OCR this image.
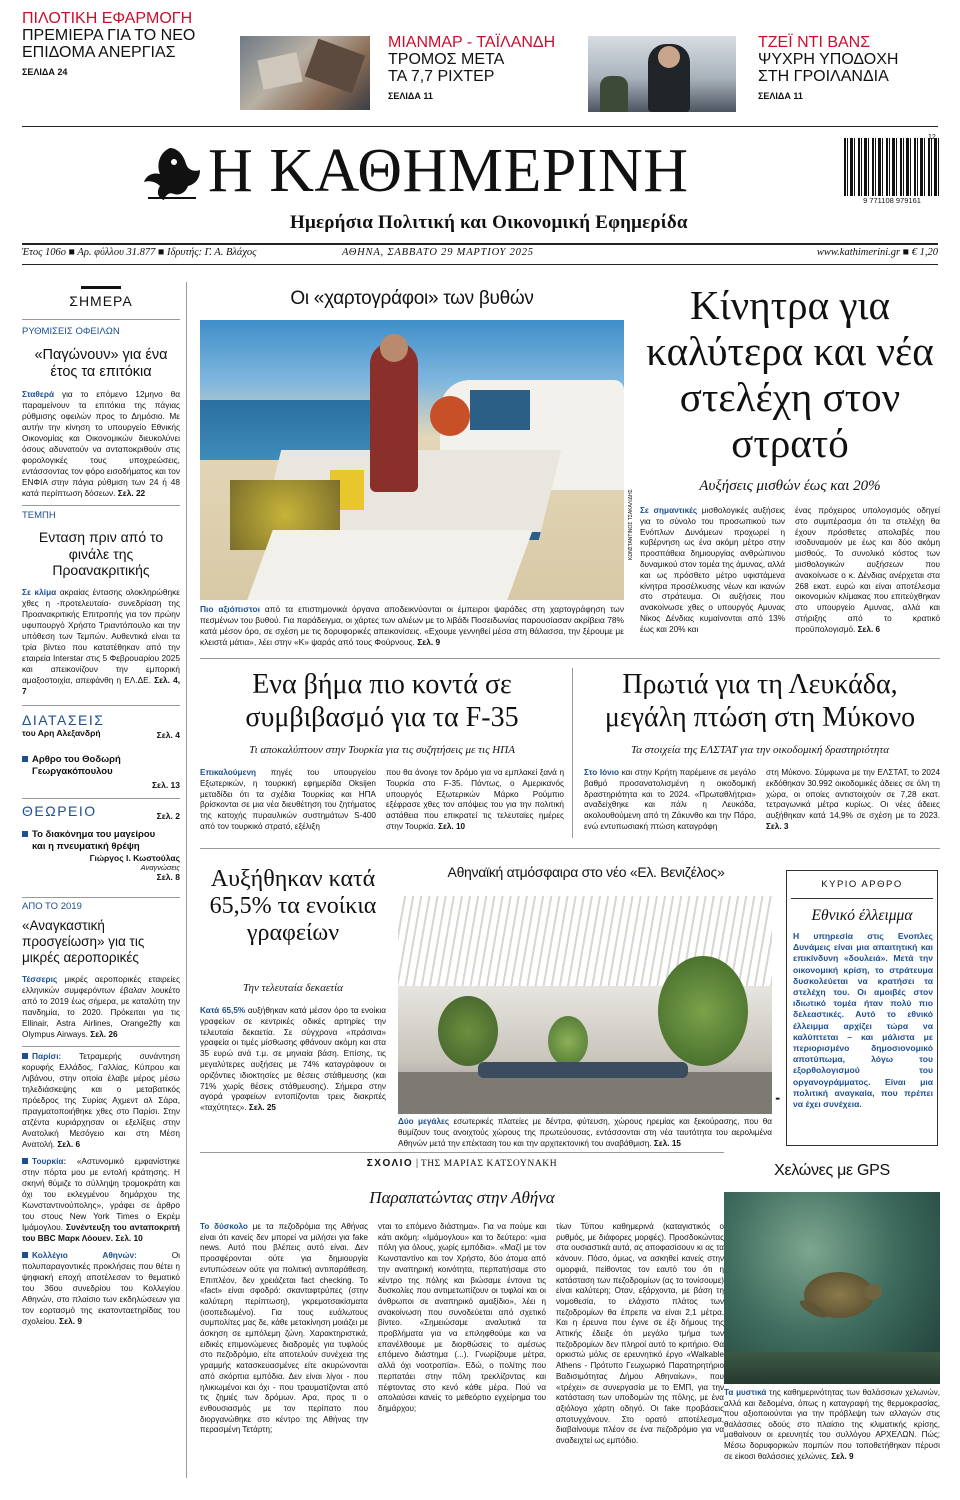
ΠΙΛΟΤΙΚΗ ΕΦΑΡΜΟΓΗ
ΠΡΕΜΙΕΡΑ ΓΙΑ ΤΟ ΝΕΟ ΕΠΙΔΟΜΑ ΑΝΕΡΓΙΑΣ
ΣΕΛΙΔΑ 24
ΜΙΑΝΜΑΡ - ΤΑΪΛΑΝΔΗ
ΤΡΟΜΟΣ ΜΕΤΑ ΤΑ 7,7 ΡΙΧΤΕΡ
ΣΕΛΙΔΑ 11
ΤΖΕΪ ΝΤΙ ΒΑΝΣ
ΨΥΧΡΗ ΥΠΟΔΟΧΗ ΣΤΗ ΓΡΟΙΛΑΝΔΙΑ
ΣΕΛΙΔΑ 11
Η ΚΑΘΗΜΕΡΙΝΗ
Ημερήσια Πολιτική και Οικονομική Εφημερίδα
9 771108 979161
12
Έτος 106ο ■ Αρ. φύλλου 31.877 ■ Ιδρυτής: Γ. Α. Βλάχος	ΑΘΗΝΑ, ΣΑΒΒΑΤΟ 29 ΜΑΡΤΙΟΥ 2025	www.kathimerini.gr ■ € 1,20
ΣΗΜΕΡΑ
ΡΥΘΜΙΣΕΙΣ ΟΦΕΙΛΩΝ
«Παγώνουν» για ένα έτος τα επιτόκια
Σταθερά για το επόμενο 12μηνο θα παραμείνουν τα επιτόκια της πάγιας ρύθμισης οφειλών προς το Δημόσιο. Με αυτήν την κίνηση το υπουργείο Εθνικής Οικονομίας και Οικονομικών διευκολύνει όσους αδυνατούν να ανταποκριθούν στις φορολογικές τους υποχρεώσεις, εντάσσοντας τον φόρο εισοδήματος και τον ΕΝΦΙΑ στην πάγια ρύθμιση των 24 ή 48 κατά περίπτωση δόσεων. Σελ. 22
ΤΕΜΠΗ
Ενταση πριν από το φινάλε της Προανακριτικής
Σε κλίμα ακραίας έντασης ολοκληρώθηκε χθες η -προτελευταία- συνεδρίαση της Προανακριτικής Επιτροπής για τον πρώην υφυπουργό Χρήστο Τριαντόπουλο και την υπόθεση των Τεμπών. Αυθεντικά είναι τα τρία βίντεο που κατατέθηκαν από την εταιρεία Interstar στις 5 Φεβρουαρίου 2025 και απεικονίζουν την εμπορική αμαξοστοιχία, απεφάνθη η ΕΛ.ΔΕ. Σελ. 4, 7
ΔΙΑΤΑΣΕΙΣ
του Αρη Αλεξανδρή	Σελ. 4
Αρθρο του Θοδωρή Γεωργακόπουλου
Σελ. 13
ΘΕΩΡΕΙΟ	Σελ. 2
Το διακόνημα του μαγείρου και η πνευματική θρέψη
Γιώργος Ι. Κωστούλας
Αναγνώσεις
Σελ. 8
ΑΠΟ ΤΟ 2019
«Αναγκαστική προσγείωση» για τις μικρές αεροπορικές
Τέσσερις μικρές αεροπορικές εταιρείες ελληνικών συμφερόντων έβαλαν λουκέτο από το 2019 έως σήμερα, με καταλύτη την πανδημία, το 2020. Πρόκειται για τις Ellinair, Astra Airlines, Orange2fly και Olympus Airways. Σελ. 26
Παρίσι: Τετραμερής συνάντηση κορυφής Ελλάδος, Γαλλίας, Κύπρου και Λιβάνου, στην οποία έλαβε μέρος μέσω τηλεδιάσκεψης και ο μεταβατικός πρόεδρος της Συρίας Αχμεντ αλ Σάρα, πραγματοποιήθηκε χθες στο Παρίσι. Στην ατζέντα κυριάρχησαν οι εξελίξεις στην Ανατολική Μεσόγειο και στη Μέση Ανατολή. Σελ. 6
Τουρκία: «Αστυνομικό εμφανίστηκε στην πόρτα μου με εντολή κράτησης. Η σκηνή θύμιζε το σύλληψη τρομοκράτη και όχι του εκλεγμένου δημάρχου της Κωνσταντινούπολης», γράφει σε άρθρο του στους New York Times ο Εκρέμ Ιμάμογλου. Συνέντευξη του ανταποκριτή του BBC Μαρκ Λόουεν. Σελ. 10
Κολλέγιο Αθηνών:	Οι πολυπαραγοντικές προκλήσεις που θέτει η ψηφιακή εποχή αποτέλεσαν το θεματικό του 36ου συνεδρίου του Κολλεγίου Αθηνών, στο πλαίσιο των εκδηλώσεων για τον εορτασμό της εκατονταετηρίδας του σχολείου. Σελ. 9
Οι «χαρτογράφοι» των βυθών
ΚΩΝΣΤΑΝΤΙΝΟΣ ΤΣΑΚΑΛΙΔΗΣ
Πιο αξιόπιστοι από τα επιστημονικά όργανα αποδεικνύονται οι έμπειροι ψαράδες στη χαρτογράφηση των πεσμένων του βυθού. Για παράδειγμα, οι χάρτες των αλιέων με το λιβάδι Ποσειδωνίας παρουσίασαν ακρίβεια 78% κατά μέσον όρο, σε σχέση με τις δορυφορικές απεικονίσεις. «Εχουμε γεννηθεί μέσα στη θάλασσα, την ξέρουμε με κλειστά μάτια», λέει στην «Κ» ψαράς από τους Φούρνους. Σελ. 9
Κίνητρα για καλύτερα και νέα στελέχη στον στρατό
Αυξήσεις μισθών έως και 20%
Σε σημαντικές μισθολογικές αυξήσεις για το σύνολο του προσωπικού των Ενόπλων Δυνάμεων προχωρεί η κυβέρνηση ως ένα ακόμη μέτρο στην προσπάθεια δημιουργίας ανθρώπινου δυναμικού στον τομέα της άμυνας, αλλά και ως πρόσθετο μέτρο υφιστάμενα κίνητρα προσέλκυσης νέων και ικανών στο στράτευμα. Οι αυξήσεις που ανακοίνωσε χθες ο υπουργός Αμυνας Νίκος Δένδιας κυμαίνονται από 13% έως και 20% και
ένας πρόχειρος υπολογισμός οδηγεί στο συμπέρασμα ότι τα στελέχη θα έχουν πρόσθετες απολαβές που ισοδυναμούν με έως και δύο ακόμη μισθούς. Το συνολικό κόστος των μισθολογικών αυξήσεων που ανακοίνωσε ο κ. Δένδιας ανέρχεται στα 268 εκατ. ευρώ και είναι αποτέλεσμα οικονομιών κλίμακας που επιτεύχθηκαν στο υπουργείο Αμυνας, αλλά και στήριξης από το κρατικό προϋπολογισμό. Σελ. 6
Ενα βήμα πιο κοντά σε συμβιβασμό για τα F-35
Τι αποκαλύπτουν στην Τουρκία για τις συζητήσεις με τις ΗΠΑ
Επικαλούμενη πηγές του υπουργείου Εξωτερικών, η τουρκική εφημερίδα Oksijen μεταδίδει ότι τα σχέδια Τουρκίας και ΗΠΑ βρίσκονται σε μια νέα διευθέτηση του ζητήματος της κατοχής πυραυλικών συστημάτων S-400 από τον τουρκικό στρατό, εξέλιξη
που θα άνοιγε τον δρόμο για να εμπλακεί ξανά η Τουρκία στο F-35. Πάντως, ο Αμερικανός υπουργός Εξωτερικών Μάρκο Ρούμπιο εξέφρασε χθες τον απόψεις του για την πολιτική αστάθεια που επικρατεί τις τελευταίες ημέρες στην Τουρκία. Σελ. 10
Πρωτιά για τη Λευκάδα, μεγάλη πτώση στη Μύκονο
Τα στοιχεία της ΕΛΣΤΑΤ για την οικοδομική δραστηριότητα
Στο Ιόνιο και στην Κρήτη παρέμεινε σε μεγάλο βαθμό προσανατολισμένη η οικοδομική δραστηριότητα και το 2024. «Πρωταθλήτρια» αναδείχθηκε και πάλι η Λευκάδα, ακολουθούμενη από τη Ζάκυνθο και την Πάρο, ενώ εντυπωσιακή πτώση καταγράφη
στη Μύκονο. Σύμφωνα με την ΕΛΣΤΑΤ, το 2024 εκδόθηκαν 30.992 οικοδομικές άδειες σε όλη τη χώρα, οι οποίες αντιστοιχούν σε 7,28 εκατ. τετραγωνικά μέτρα κυρίως. Οι νέες άδειες αυξήθηκαν κατά 14,9% σε σχέση με το 2023. Σελ. 3
Αυξήθηκαν κατά 65,5% τα ενοίκια γραφείων
Την τελευταία δεκαετία
Κατά 65,5% αυξήθηκαν κατά μέσον όρο τα ενοίκια γραφείων σε κεντρικές οδικές αρτηρίες την τελευταία δεκαετία. Σε σύγχρονα «πράσινα» γραφεία οι τιμές μίσθωσης φθάνουν ακόμη και στα 35 ευρώ ανά τ.μ. σε μηνιαία βάση. Επίσης, τις μεγαλύτερες αυξήσεις με 74% καταγράφουν οι οριζόντιες ιδιοκτησίες με θέσεις στάθμευσης (και 71% χωρίς θέσεις στάθμευσης). Σήμερα στην αγορά γραφείων εντοπίζονται τρεις διακριτές «ταχύτητες». Σελ. 25
Αθηναϊκή ατμόσφαιρα στο νέο «Ελ. Βενιζέλος»
▮
Δύο μεγάλες εσωτερικές πλατείες με δέντρα, φύτευση, χώρους ηρεμίας και ξεκούρασης, που θα θυμίζουν τους ανοιχτούς χώρους της πρωτεύουσας, εντάσσονται στη νέα ταυτότητα του αερολιμένα Αθηνών μετά την επέκταση του και την αρχιτεκτονική του αναβάθμιση. Σελ. 15
ΚΥΡΙΟ ΑΡΘΡΟ
Εθνικό έλλειμμα
Η υπηρεσία στις Ενοπλες Δυνάμεις είναι μια απαιτητική και επικίνδυνη «δουλειά». Μετά την οικονομική κρίση, το στράτευμα δυσκολεύεται να κρατήσει τα στελέχη του. Οι αμοιβές στον ιδιωτικό τομέα ήταν πολύ πιο δελεαστικές. Αυτό το εθνικό έλλειμμα αρχίζει τώρα να καλύπτεται – και μάλιστα με περιορισμένο δημοσιονομικό αποτύπωμα, λόγω του εξορθολογισμού του οργανογράμματος. Είναι μια πολιτική αναγκαία, που πρέπει να έχει συνέχεια.
ΣΧΟΛΙΟ | ΤΗΣ ΜΑΡΙΑΣ ΚΑΤΣΟΥΝΑΚΗ
Παραπατώντας στην Αθήνα
Το δύσκολο με τα πεζοδρόμια της Αθήνας είναι ότι κανείς δεν μπορεί να μιλήσει για fake news. Αυτό που βλέπεις αυτό είναι. Δεν προσφέρονται ούτε για δημιουργία εντυπώσεων ούτε για πολιτική αντιπαράθεση. Επιπλέον, δεν χρειάζεται fact checking. Το «fact» είναι σφοδρό: σκανταφτρύπες (στην καλύτερη περίπτωση), γκρεμοτσακίσματα (ισοπεδωμένο). Για τους ευάλωτους συμπολίτες μας δε, κάθε μετακίνηση μοιάζει με άσκηση σε εμπόλεμη ζώνη. Χαρακτηριστικά, ειδικές επιμονώμενες διαδρομές για τυφλούς στο πεζοδρόμιο, είτε αποτελούν συνέχεια της γραμμής κατασκευασμένες είτε ακυρώνονται από σκόρπια εμπόδια. Δεν είναι λίγοι - που ηλικιωμένοι και όχι - που τραυματίζονται από τις ζημιές των δρόμων. Αρα, προς τι ο ενθουσιασμός με τον περίπατο που διοργανώθηκε στο κέντρο της Αθήνας την περασμένη Τετάρτη;
νται το επόμενο διάστημα». Για να πούμε και κάτι ακόμη: «Ιμάμογλου» και το δεύτερο: «μια πόλη για όλους, χωρίς εμπόδια». «Μαζί με τον Κωνσταντίνο και τον Χρήστο, δύο άτομα από την αναπηρική κοινότητα, περπατήσαμε στο κέντρο της πόλης και βιώσαμε έντονα τις δυσκολίες που αντιμετωπίζουν οι τυφλοί και οι άνθρωποι σε αναπηρικό αμαξίδιο», λέει η ανακοίνωση που συνοδεύεται από σχετικό βίντεο. «Σημειώσαμε αναλυτικά τα προβλήματα για να επιληφθούμε και να επανέλθουμε με διορθώσεις το αμέσως επόμενο διάστημα (...). Γνωρίζουμε μέτρα, αλλά όχι νοοτροπία». Εδώ, ο πολίτης που περπατάει στην πόλη τρεκλίζοντας και πέφτοντας στο κενό κάθε μέρα. Πού να απολαύσει κανείς το μεθεόρτιο εγχείρημα του δημάρχου;
τίων Τύπου καθημερινά (καταγιστικός ο ρυθμός, με διάφορες μορφές). Προσδοκώντας στα ουσιαστικά αυτά, ας αποφασίσουν κι ας τα κάνουν. Πόσο, όμως, να ασκηθεί κανείς στην ομορφιά, πείθοντας τον εαυτό του ότι η κατάσταση των πεζοδρομίων (ας το τονίσουμε) είναι καλύτερη; Οταν, εξάρχοντα, με βάση τη νομοθεσία, το ελάχιστο πλάτος των πεζοδρομίων θα έπρεπε να είναι 2,1 μέτρα. Και η έρευνα που έγινε σε έξι δήμους της Αττικής έδειξε ότι μεγάλο τμήμα των πεζοδρομίων δεν πληροί αυτό το κριτήριο. Θα ορκιστώ μόλις σε ερευνητικό έργο «Walkable Athens - Πρότυπο Γεωχωρικό Παρατηρητήριο Βαδισιμότητας Δήμου Αθηναίων», που «τρέχει» σε συνεργασία με το ΕΜΠ, για την κατάσταση των υποδομών της πόλης, με ένα αξιόλογο χάρτη οδηγό. Οι fake προβάσεις αποτυγχάνουν. Στο ορατό αποτέλεσμα, διαβαίνουμε πλέον σε ένα πεζοδρόμιο για να αναδειχτεί ως εμπόδιο.
Χελώνες με GPS
Τα μυστικά της καθημερινότητας των θαλάσσιων χελωνών, αλλά και δεδομένα, όπως η καταγραφή της θερμοκρασίας, που αξιοποιούνται για την πρόβλεψη των αλλαγών στις θαλάσσιες οδούς στο πλαίσιο της κλιματικής κρίσης, μαθαίνουν οι ερευνητές του συλλόγου ΑΡΧΕΛΩΝ. Πώς; Μέσω δορυφορικών πομπών που τοποθετήθηκαν πέρυσι σε είκοσι θαλάσσιες χελώνες. Σελ. 9
